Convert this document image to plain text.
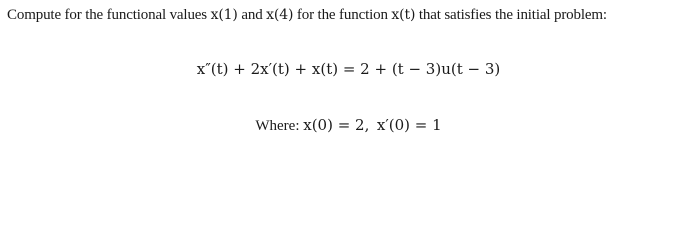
Compute for the functional values x(1) and x(4) for the function x(t) that satisfies the initial problem:

x″(t) + 2x′(t) + x(t) = 2 + (t − 3)u(t − 3)
Where: x(0) = 2, x′(0) = 1
